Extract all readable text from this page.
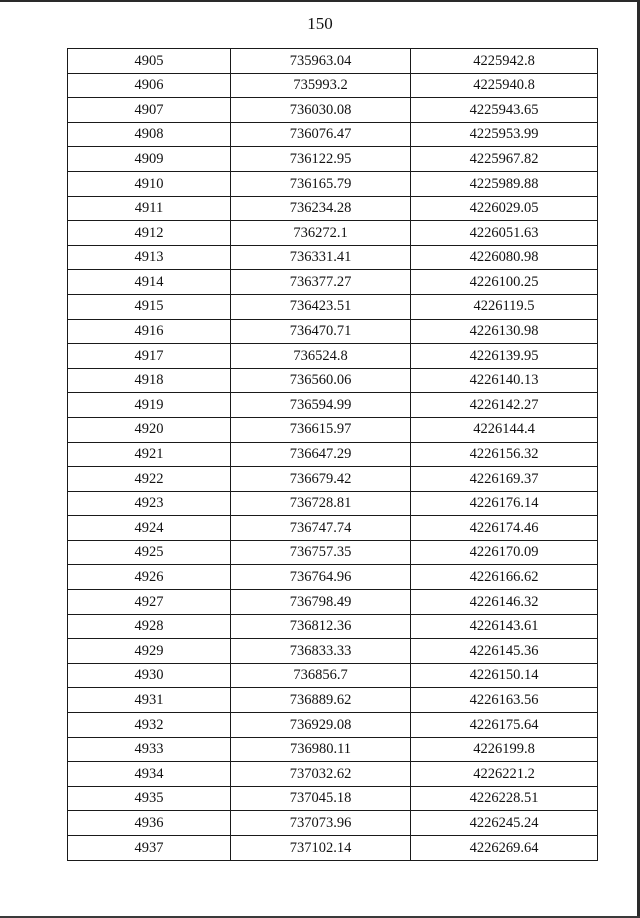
150
4905	735963.04	4225942.8
4906	735993.2	4225940.8
4907	736030.08	4225943.65
4908	736076.47	4225953.99
4909	736122.95	4225967.82
4910	736165.79	4225989.88
4911	736234.28	4226029.05
4912	736272.1	4226051.63
4913	736331.41	4226080.98
4914	736377.27	4226100.25
4915	736423.51	4226119.5
4916	736470.71	4226130.98
4917	736524.8	4226139.95
4918	736560.06	4226140.13
4919	736594.99	4226142.27
4920	736615.97	4226144.4
4921	736647.29	4226156.32
4922	736679.42	4226169.37
4923	736728.81	4226176.14
4924	736747.74	4226174.46
4925	736757.35	4226170.09
4926	736764.96	4226166.62
4927	736798.49	4226146.32
4928	736812.36	4226143.61
4929	736833.33	4226145.36
4930	736856.7	4226150.14
4931	736889.62	4226163.56
4932	736929.08	4226175.64
4933	736980.11	4226199.8
4934	737032.62	4226221.2
4935	737045.18	4226228.51
4936	737073.96	4226245.24
4937	737102.14	4226269.64
